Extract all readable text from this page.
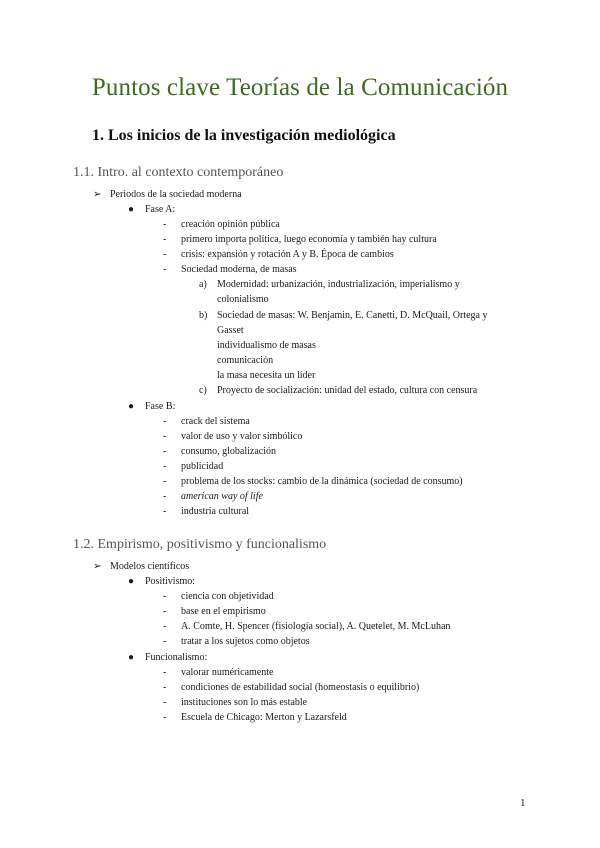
Puntos clave Teorías de la Comunicación
1. Los inicios de la investigación mediológica
1.1. Intro. al contexto contemporáneo
➢ Periodos de la sociedad moderna
● Fase A:
- creación opinión pública
- primero importa política, luego economía y también hay cultura
- crisis: expansión y rotación A y B. Época de cambios
- Sociedad moderna, de masas
a) Modernidad: urbanización, industrialización, imperialismo y
colonialismo
b) Sociedad de masas: W. Benjamin, E. Canetti, D. McQuail, Ortega y
Gasset
individualismo de masas
comunicación
la masa necesita un líder
c) Proyecto de socialización: unidad del estado, cultura con censura
● Fase B:
- crack del sistema
- valor de uso y valor simbólico
- consumo, globalización
- publicidad
- problema de los stocks: cambio de la dinámica (sociedad de consumo)
- american way of life
- industria cultural
1.2. Empirismo, positivismo y funcionalismo
➢ Modelos científicos
● Positivismo:
- ciencia con objetividad
- base en el empirismo
- A. Comte, H. Spencer (fisiología social), A. Quetelet, M. McLuhan
- tratar a los sujetos como objetos
● Funcionalismo:
- valorar numéricamente
- condiciones de estabilidad social (homeostasis o equilibrio)
- instituciones son lo más estable
- Escuela de Chicago: Merton y Lazarsfeld
1
